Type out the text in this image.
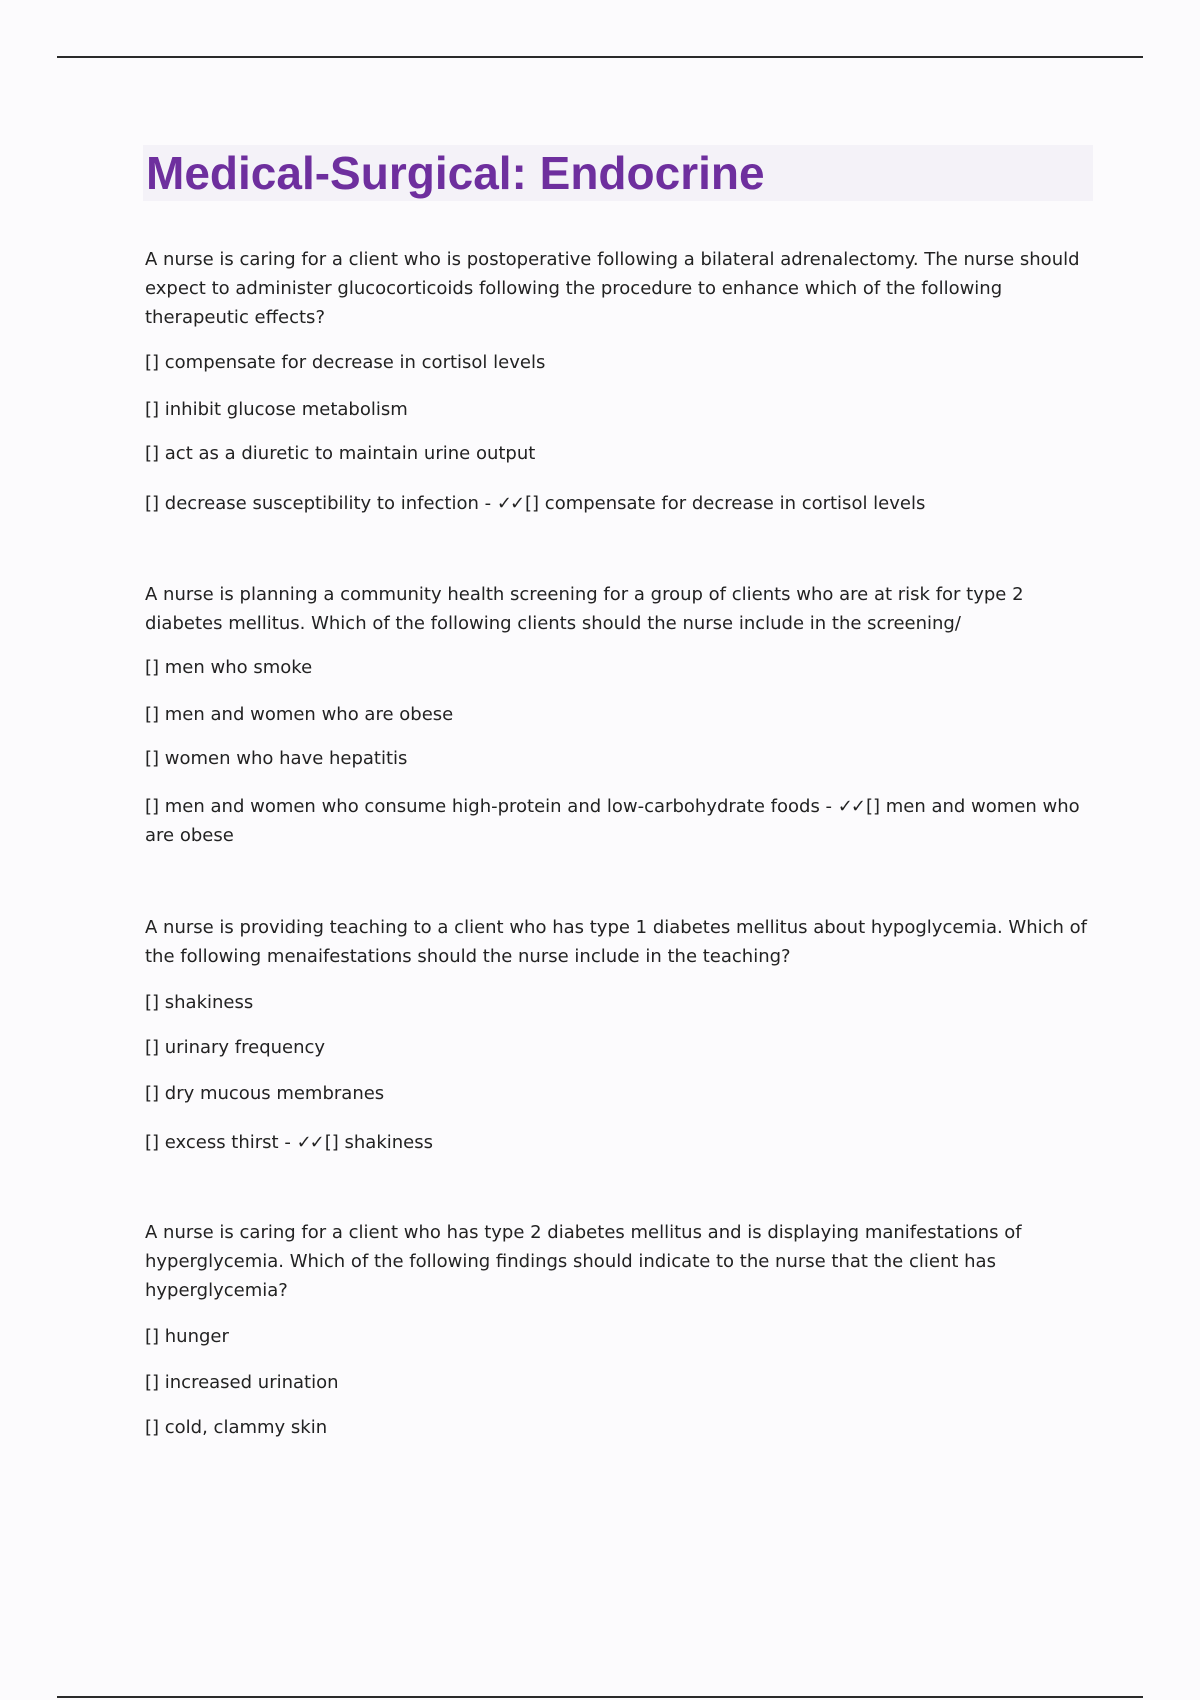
Medical-Surgical: Endocrine

A nurse is caring for a client who is postoperative following a bilateral adrenalectomy. The nurse should expect to administer glucocorticoids following the procedure to enhance which of the following therapeutic effects?

[] compensate for decrease in cortisol levels

[] inhibit glucose metabolism

[] act as a diuretic to maintain urine output

[] decrease susceptibility to infection - ✓✓ [] compensate for decrease in cortisol levels

A nurse is planning a community health screening for a group of clients who are at risk for type 2 diabetes mellitus. Which of the following clients should the nurse include in the screening/

[] men who smoke

[] men and women who are obese

[] women who have hepatitis

[] men and women who consume high-protein and low-carbohydrate foods - ✓✓ [] men and women who are obese

A nurse is providing teaching to a client who has type 1 diabetes mellitus about hypoglycemia. Which of the following menaifestations should the nurse include in the teaching?

[] shakiness

[] urinary frequency

[] dry mucous membranes

[] excess thirst - ✓✓ [] shakiness

A nurse is caring for a client who has type 2 diabetes mellitus and is displaying manifestations of hyperglycemia. Which of the following findings should indicate to the nurse that the client has hyperglycemia?

[] hunger

[] increased urination

[] cold, clammy skin
